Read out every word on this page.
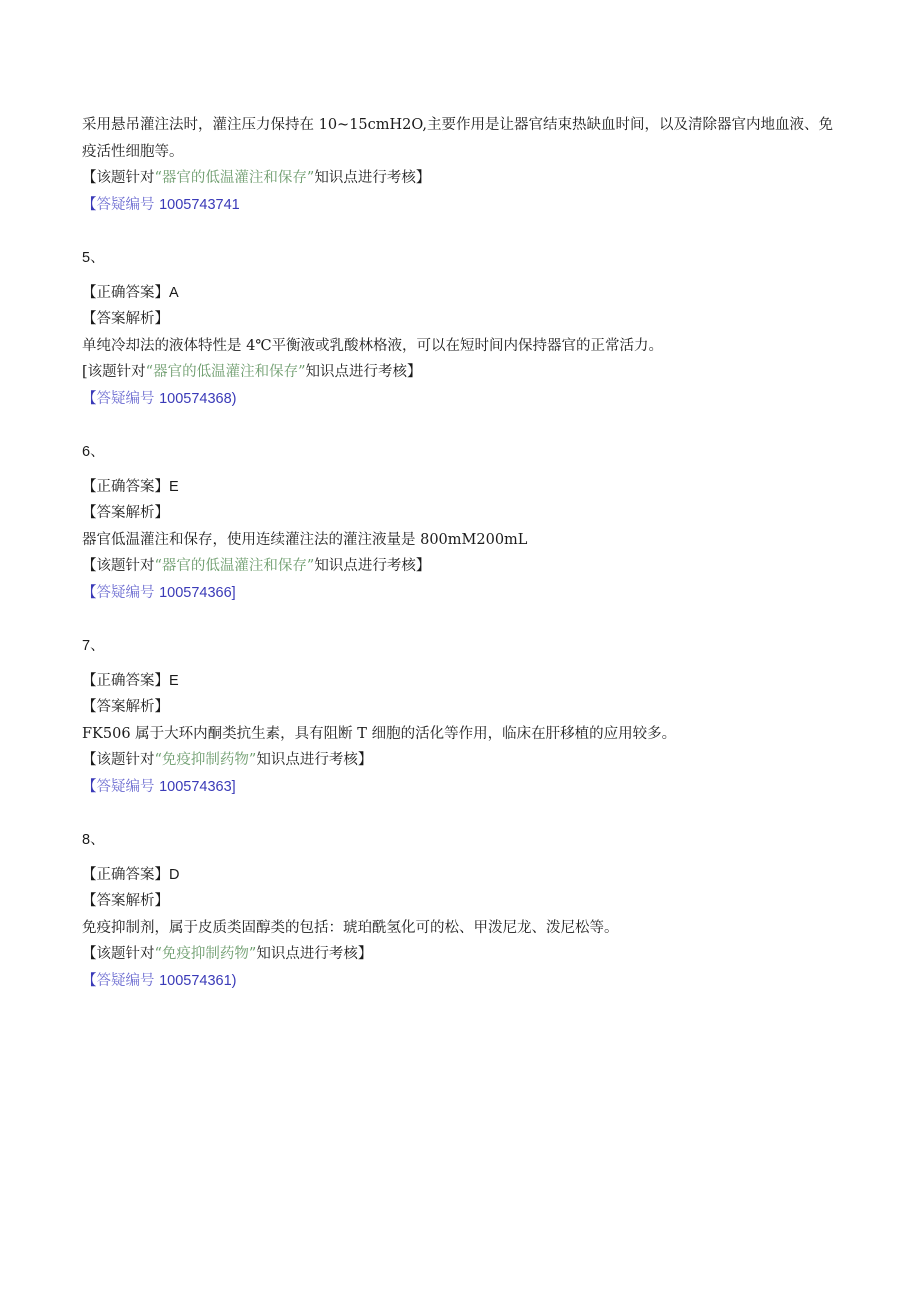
采用悬吊灌注法时，灌注压力保持在 10~15cmH2O,主要作用是让器官结束热缺血时间，以及清除器官内地血液、免疫活性细胞等。
【该题针对“器官的低温灌注和保存”知识点进行考核】
【答疑编号 1005743741
5、
【正确答案】A
【答案解析】
单纯冷却法的液体特性是 4℃平衡液或乳酸林格液，可以在短时间内保持器官的正常活力。
[该题针对“器官的低温灌注和保存”知识点进行考核】
【答疑编号 100574368)
6、
【正确答案】E
【答案解析】
器官低温灌注和保存，使用连续灌注法的灌注液量是 800mM200mL
【该题针对“器官的低温灌注和保存”知识点进行考核】
【答疑编号 100574366]
7、
【正确答案】E
【答案解析】
FK506 属于大环内酮类抗生素，具有阻断 T 细胞的活化等作用，临床在肝移植的应用较多。
【该题针对“免疫抑制药物”知识点进行考核】
【答疑编号 100574363]
8、
【正确答案】D
【答案解析】
免疫抑制剂，属于皮质类固醇类的包括：琥珀酰氢化可的松、甲泼尼龙、泼尼松等。
【该题针对“免疫抑制药物”知识点进行考核】
【答疑编号 100574361)
